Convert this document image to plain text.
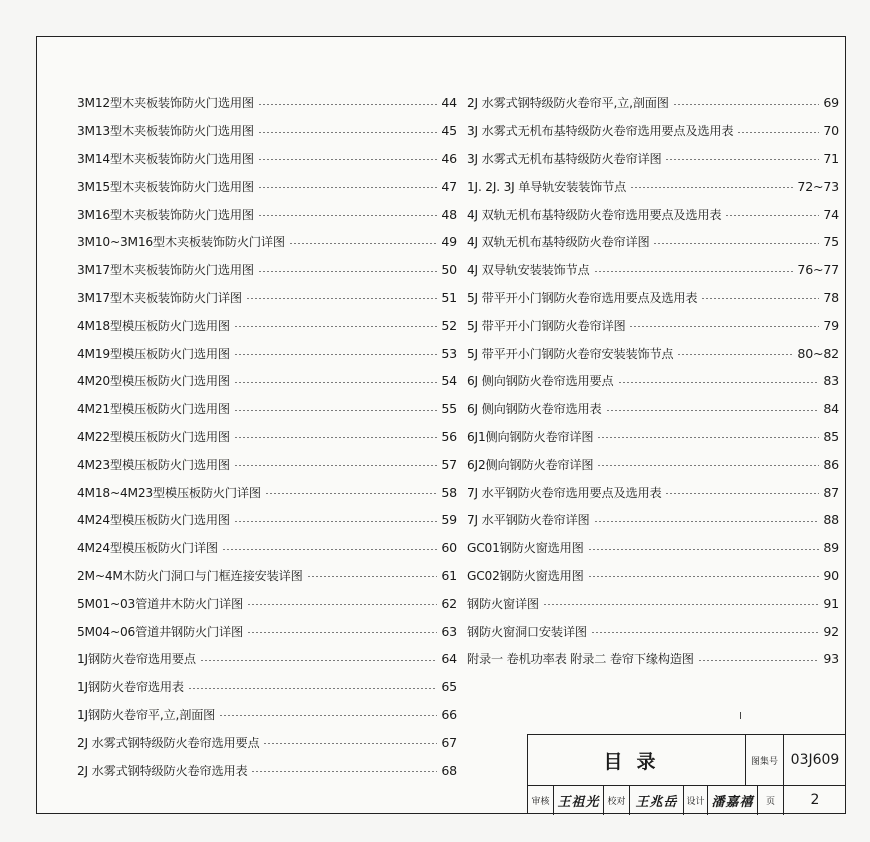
3M12型木夹板装饰防火门选用图	44
3M13型木夹板装饰防火门选用图	45
3M14型木夹板装饰防火门选用图	46
3M15型木夹板装饰防火门选用图	47
3M16型木夹板装饰防火门选用图	48
3M10~3M16型木夹板装饰防火门详图	49
3M17型木夹板装饰防火门选用图	50
3M17型木夹板装饰防火门详图	51
4M18型模压板防火门选用图	52
4M19型模压板防火门选用图	53
4M20型模压板防火门选用图	54
4M21型模压板防火门选用图	55
4M22型模压板防火门选用图	56
4M23型模压板防火门选用图	57
4M18~4M23型模压板防火门详图	58
4M24型模压板防火门选用图	59
4M24型模压板防火门详图	60
2M~4M木防火门洞口与门框连接安装详图	61
5M01~03管道井木防火门详图	62
5M04~06管道井钢防火门详图	63
1J钢防火卷帘选用要点	64
1J钢防火卷帘选用表	65
1J钢防火卷帘平,立,剖面图	66
2J 水雾式钢特级防火卷帘选用要点	67
2J 水雾式钢特级防火卷帘选用表	68
2J 水雾式钢特级防火卷帘平,立,剖面图	69
3J 水雾式无机布基特级防火卷帘选用要点及选用表	70
3J 水雾式无机布基特级防火卷帘详图	71
1J. 2J. 3J 单导轨安装装饰节点	72~73
4J 双轨无机布基特级防火卷帘选用要点及选用表	74
4J 双轨无机布基特级防火卷帘详图	75
4J 双导轨安装装饰节点	76~77
5J 带平开小门钢防火卷帘选用要点及选用表	78
5J 带平开小门钢防火卷帘详图	79
5J 带平开小门钢防火卷帘安装装饰节点	80~82
6J 侧向钢防火卷帘选用要点	83
6J 侧向钢防火卷帘选用表	84
6J1侧向钢防火卷帘详图	85
6J2侧向钢防火卷帘详图	86
7J 水平钢防火卷帘选用要点及选用表	87
7J 水平钢防火卷帘详图	88
GC01钢防火窗选用图	89
GC02钢防火窗选用图	90
钢防火窗详图	91
钢防火窗洞口安装详图	92
附录一 卷机功率表 附录二 卷帘下缘构造图	93
目录	图集号 03J609
审核 王祖光 校对 王兆岳 设计 潘嘉禧	页	2
